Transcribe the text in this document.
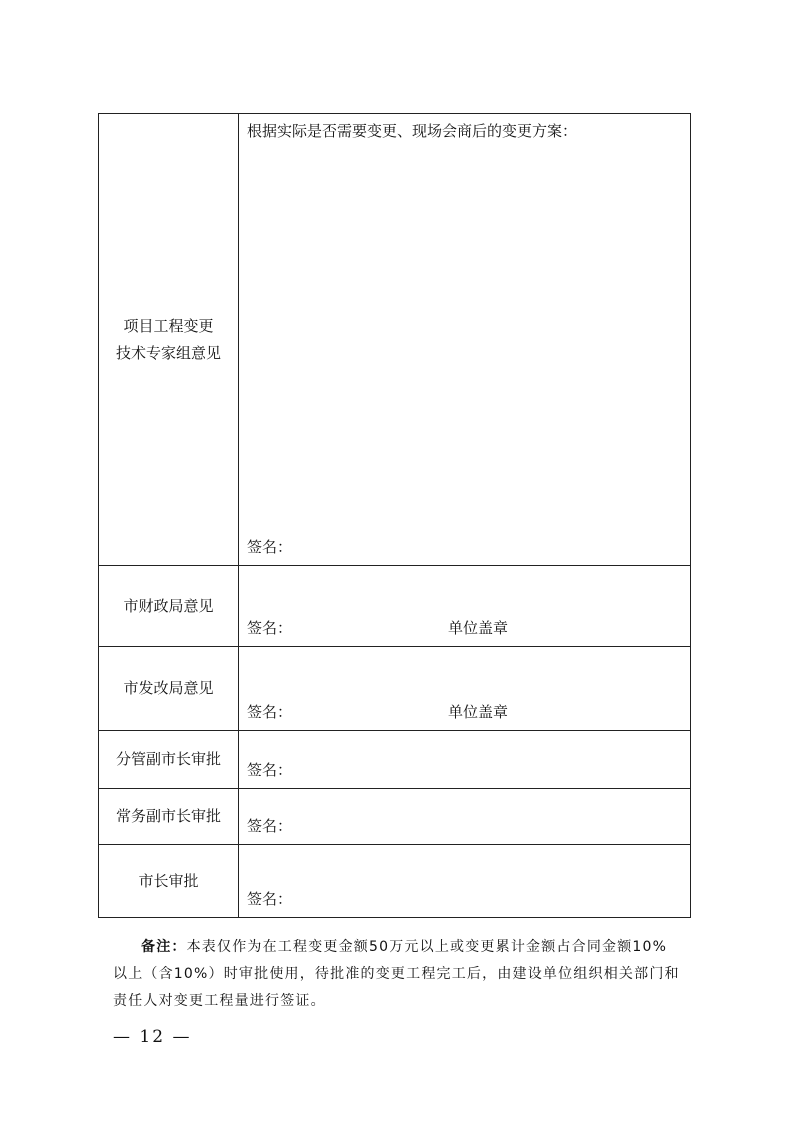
项目工程变更
技术专家组意见	根据实际是否需要变更、现场会商后的变更方案：
签名：

市财政局意见	签名： 单位盖章

市发改局意见	签名： 单位盖章

分管副市长审批	签名：

常务副市长审批	签名：

市长审批	签名：
备注：本表仅作为在工程变更金额50万元以上或变更累计金额占合同金额10%
以上（含10%）时审批使用，待批准的变更工程完工后，由建设单位组织相关部门和
责任人对变更工程量进行签证。
— 12 —
